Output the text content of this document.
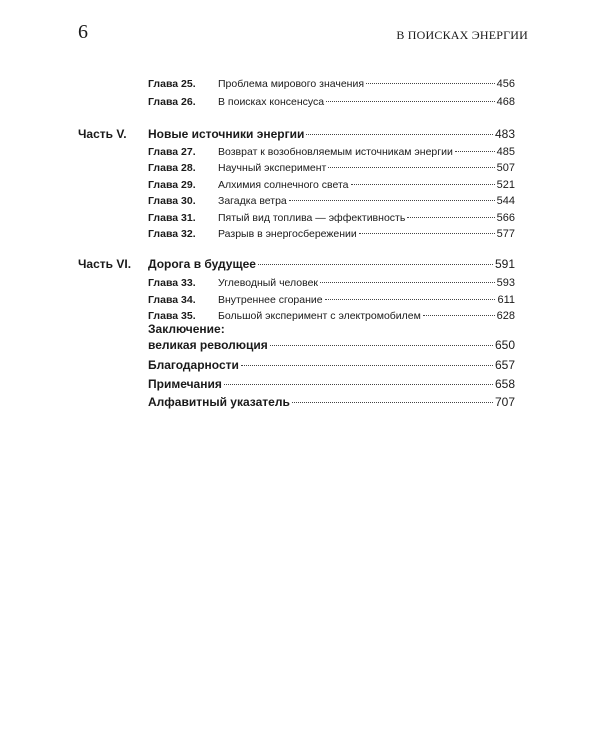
6	В ПОИСКАХ ЭНЕРГИИ
Глава 25.	Проблема мирового значения	456
Глава 26.	В поисках консенсуса	468
Часть V.	Новые источники энергии	483
Глава 27.	Возврат к возобновляемым источникам энергии	485
Глава 28.	Научный эксперимент	507
Глава 29.	Алхимия солнечного света	521
Глава 30.	Загадка ветра	544
Глава 31.	Пятый вид топлива — эффективность	566
Глава 32.	Разрыв в энергосбережении	577
Часть VI.	Дорога в будущее	591
Глава 33.	Углеводный человек	593
Глава 34.	Внутреннее сгорание	611
Глава 35.	Большой эксперимент с электромобилем	628
Заключение:
великая революция	650
Благодарности	657
Примечания	658
Алфавитный указатель	707
